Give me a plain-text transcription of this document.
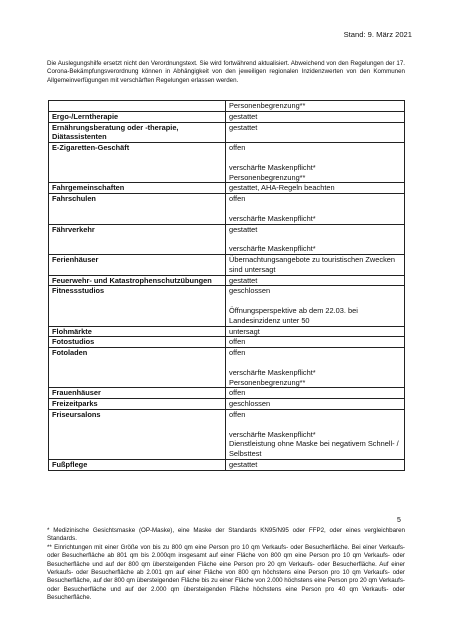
Stand: 9. März 2021
Die Auslegungshilfe ersetzt nicht den Verordnungstext. Sie wird fortwährend aktualisiert. Abweichend von den Regelungen der 17. Corona-Bekämpfungsverordnung können in Abhängigkeit von den jeweiligen regionalen Inzidenzwerten von den Kommunen Allgemeinverfügungen mit verschärften Regelungen erlassen werden.

	Personenbegrenzung**

Ergo-/Lerntherapie	gestattet

Ernährungsberatung oder -therapie, Diätassistenten	gestattet

E-Zigaretten-Geschäft	offen
verschärfte Maskenpflicht*
Personenbegrenzung**

Fahrgemeinschaften	gestattet, AHA-Regeln beachten

Fahrschulen	offen
verschärfte Maskenpflicht*

Fährverkehr	gestattet
verschärfte Maskenpflicht*

Ferienhäuser	Übernachtungsangebote zu touristischen Zwecken sind untersagt

Feuerwehr- und Katastrophenschutzübungen	gestattet

Fitnessstudios	geschlossen
Öffnungsperspektive ab dem 22.03. bei Landesinzidenz unter 50

Flohmärkte	untersagt

Fotostudios	offen

Fotoladen	offen
verschärfte Maskenpflicht*
Personenbegrenzung**

Frauenhäuser	offen

Freizeitparks	geschlossen

Friseursalons	offen
verschärfte Maskenpflicht*
Dienstleistung ohne Maske bei negativem Schnell- / Selbsttest

Fußpflege	gestattet
5

* Medizinische Gesichtsmaske (OP-Maske), eine Maske der Standards KN95/N95 oder FFP2, oder eines vergleichbaren Standards.

** Einrichtungen mit einer Größe von bis zu 800 qm eine Person pro 10 qm Verkaufs- oder Besucherfläche. Bei einer Verkaufs- oder Besucherfläche ab 801 qm bis 2.000qm insgesamt auf einer Fläche von 800 qm eine Person pro 10 qm Verkaufs- oder Besucherfläche und auf der 800 qm übersteigenden Fläche eine Person pro 20 qm Verkaufs- oder Besucherfläche. Auf einer Verkaufs- oder Besucherfläche ab 2.001 qm auf einer Fläche von 800 qm höchstens eine Person pro 10 qm Verkaufs- oder Besucherfläche, auf der 800 qm übersteigenden Fläche bis zu einer Fläche von 2.000 höchstens eine Person pro 20 qm Verkaufs- oder Besucherfläche und auf der 2.000 qm übersteigenden Fläche höchstens eine Person pro 40 qm Verkaufs- oder Besucherfläche.
